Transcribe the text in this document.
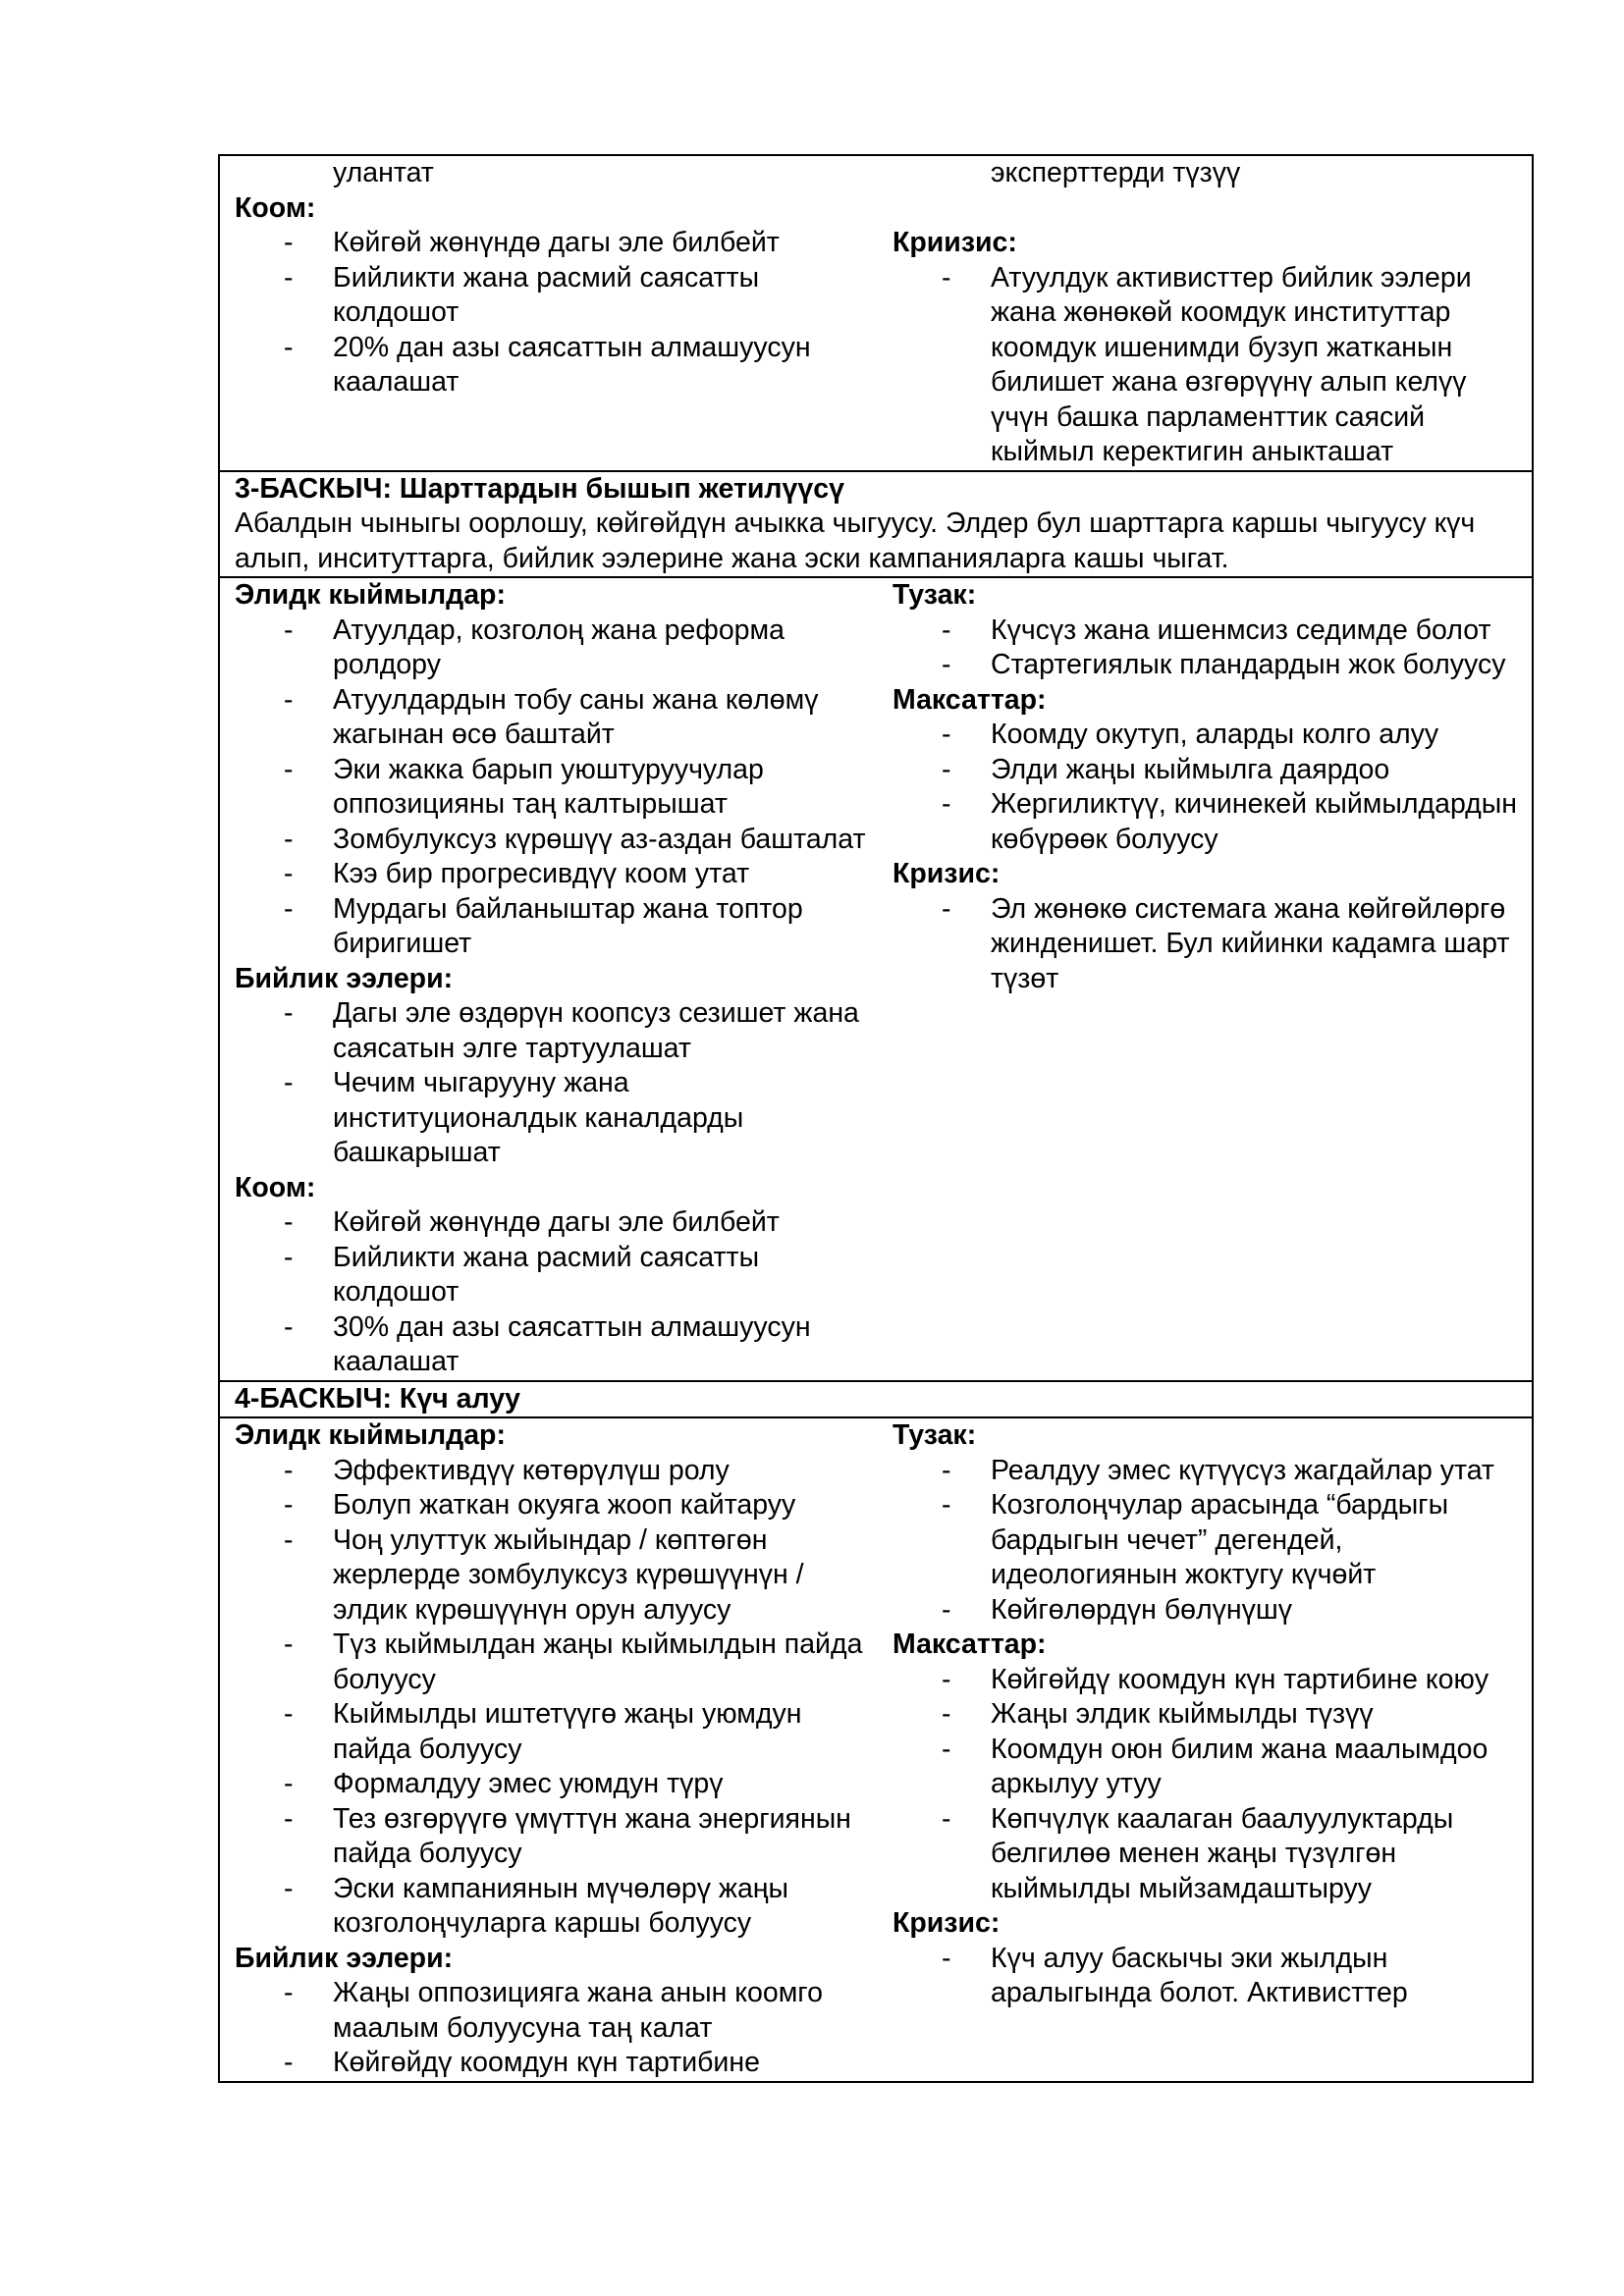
улантат
Коом:
- Көйгөй жөнүндө дагы эле билбейт
- Бийликти жана расмий саясатты колдошот
- 20% дан азы саясаттын алмашуусун каалашат
эксперттерди түзүү

Криизис:
- Атуулдук активисттер бийлик ээлери жана жөнөкөй коомдук институттар коомдук ишенимди бузуп жатканын билишет жана өзгөрүүнү алып келүү үчүн башка парламенттик саясий кыймыл керектигин аныкташат
3-БАСКЫЧ: Шарттардын бышып жетилүүсү
Абалдын чыныгы оорлошу, көйгөйдүн ачыкка чыгуусу. Элдер бул шарттарга каршы чыгуусу күч алып, инситуттарга, бийлик ээлерине жана эски кампанияларга кашы чыгат.
Элидк кыймылдар:
- Атуулдар, козголоң жана реформа ролдору
- Атуулдардын тобу саны жана көлөмү жагынан өсө баштайт
- Эки жакка барып уюштуруучулар оппозицияны таң калтырышат
- Зомбулуксуз күрөшүү аз-аздан башталат
- Кээ бир прогресивдүү коом утат
- Мурдагы байланыштар жана топтор биригишет
Бийлик ээлери:
- Дагы эле өздөрүн коопсуз сезишет жана саясатын элге тартуулашат
- Чечим чыгарууну жана институционалдык каналдарды башкарышат
Коом:
- Көйгөй жөнүндө дагы эле билбейт
- Бийликти жана расмий саясатты колдошот
- 30% дан азы саясаттын алмашуусун каалашат
Тузак:
- Күчсүз жана ишенмсиз седимде болот
- Стартегиялык пландардын жок болуусу
Максаттар:
- Коомду окутуп, аларды колго алуу
- Элди жаңы кыймылга даярдоо
- Жергиликтүү, кичинекей кыймылдардын көбүрөөк болуусу
Кризис:
- Эл жөнөкө системага жана көйгөйлөргө жинденишет. Бул кийинки кадамга шарт түзөт
4-БАСКЫЧ: Күч алуу
Элидк кыймылдар:
- Эффективдүү көтөрүлүш ролу
- Болуп жаткан окуяга жооп кайтаруу
- Чоң улуттук жыйындар / көптөгөн жерлерде зомбулуксуз күрөшүүнүн / элдик күрөшүүнүн орун алуусу
- Түз кыймылдан жаңы кыймылдын пайда болуусу
- Кыймылды иштетүүгө жаңы уюмдун пайда болуусу
- Формалдуу эмес уюмдун түрү
- Тез өзгөрүүгө үмүттүн жана энергиянын пайда болуусу
- Эски кампаниянын мүчөлөрү жаңы козголоңчуларга каршы болуусу
Бийлик ээлери:
- Жаңы оппозицияга жана анын коомго маалым болуусуна таң калат
- Көйгөйдү коомдун күн тартибине
Тузак:
- Реалдуу эмес күтүүсүз жагдайлар утат
- Козголоңчулар арасында “бардыгы бардыгын чечет” дегендей, идеологиянын жоктугу күчөйт
- Көйгөлөрдүн бөлүнүшү
Максаттар:
- Көйгөйдү коомдун күн тартибине коюу
- Жаңы элдик кыймылды түзүү
- Коомдун оюн билим жана маалымдоо аркылуу утуу
- Көпчүлүк каалаган баалуулуктарды белгилөө менен жаңы түзүлгөн кыймылды мыйзамдаштыруу
Кризис:
- Күч алуу баскычы эки жылдын аралыгында болот. Активисттер
